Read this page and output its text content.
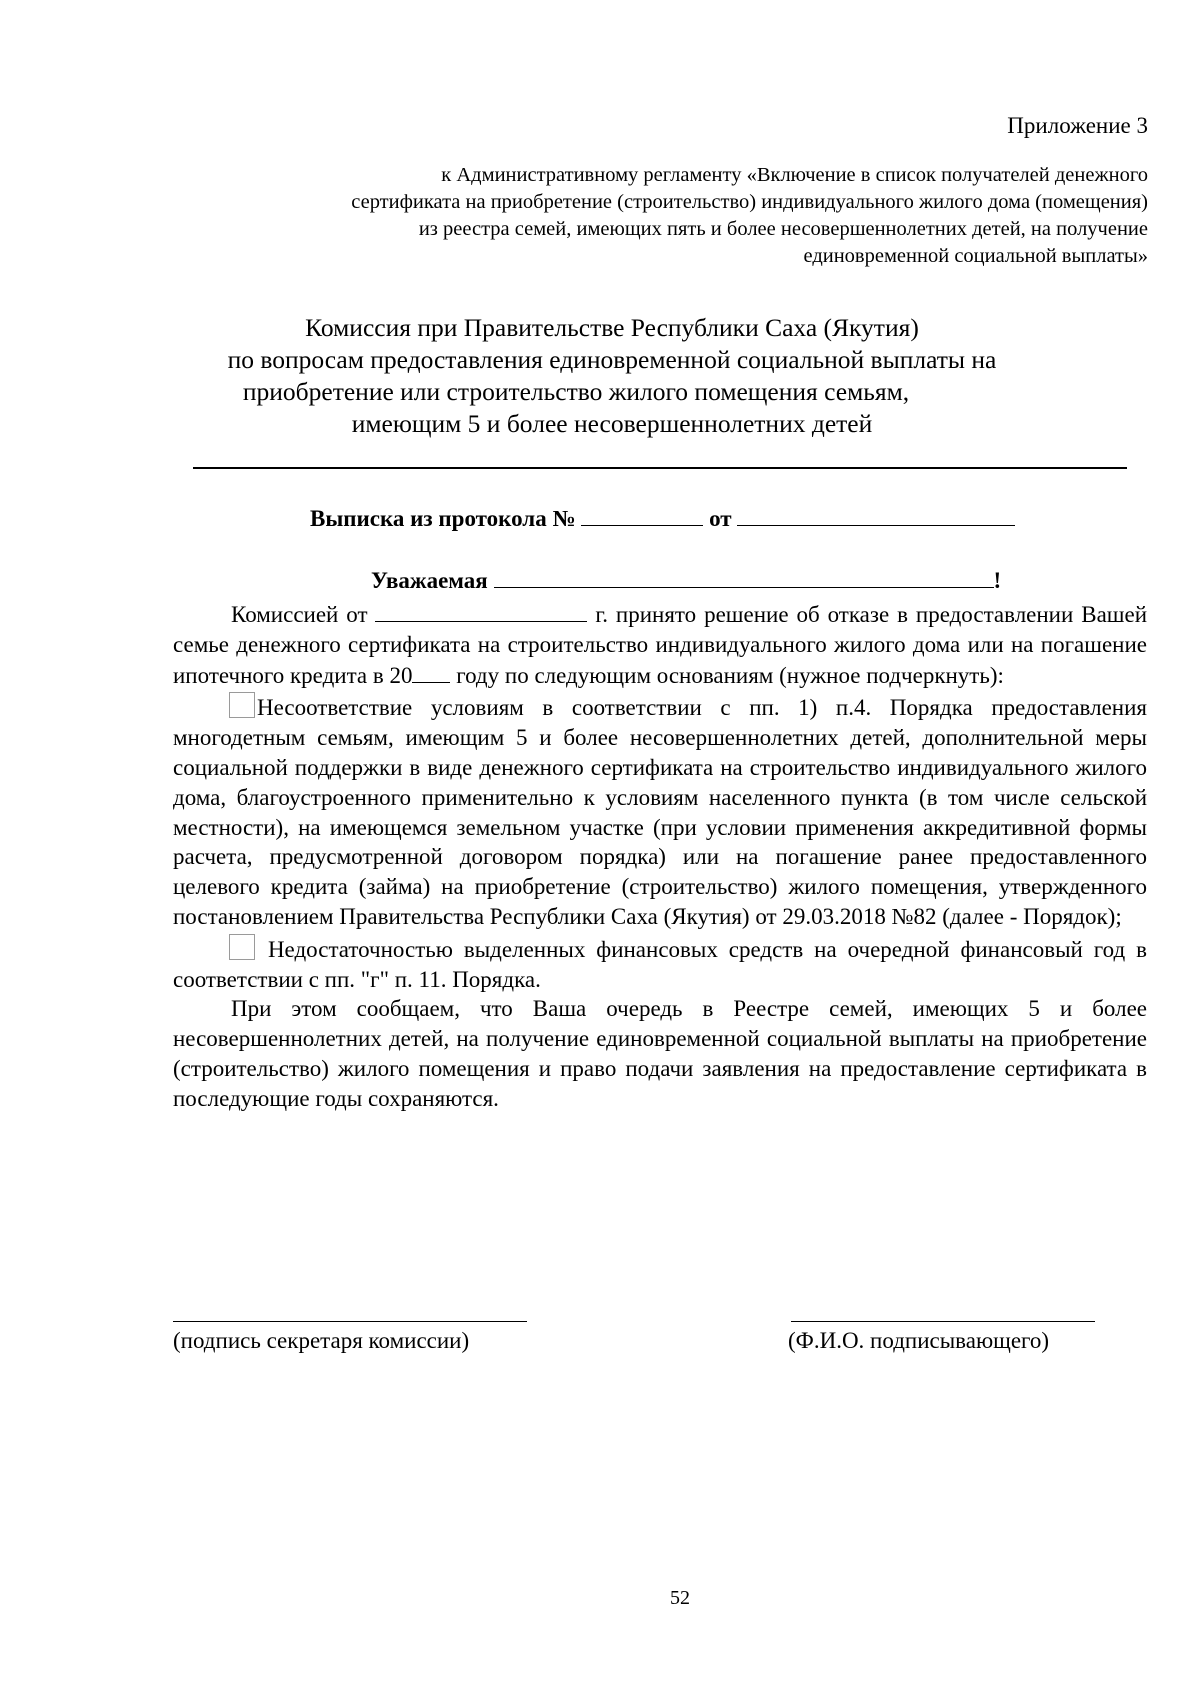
Приложение 3
к Административному регламенту «Включение в список получателей денежного
сертификата на приобретение (строительство) индивидуального жилого дома (помещения)
из реестра семей, имеющих пять и более несовершеннолетних детей, на получение
единовременной социальной выплаты»
Комиссия при Правительстве Республики Саха (Якутия)
по вопросам предоставления единовременной социальной выплаты на
приобретение или строительство жилого помещения семьям,
имеющим 5 и более несовершеннолетних детей
Выписка из протокола №	от
Уважаемая	!

Комиссией от	г. принято решение об отказе в предоставлении Вашей семье денежного сертификата на строительство индивидуального жилого дома или на погашение ипотечного кредита в 20 году по следующим основаниям (нужное подчеркнуть):

Несоответствие условиям в соответствии с пп. 1) п.4. Порядка предоставления многодетным семьям, имеющим 5 и более несовершеннолетних детей, дополнительной меры социальной поддержки в виде денежного сертификата на строительство индивидуального жилого дома, благоустроенного применительно к условиям населенного пункта (в том числе сельской местности), на имеющемся земельном участке (при условии применения аккредитивной формы расчета, предусмотренной договором порядка) или на погашение ранее предоставленного целевого кредита (займа) на приобретение (строительство) жилого помещения, утвержденного постановлением Правительства Республики Саха (Якутия) от 29.03.2018 №82 (далее - Порядок);

Недостаточностью выделенных финансовых средств на очередной финансовый год в соответствии с пп. "г" п. 11. Порядка.

При этом сообщаем, что Ваша очередь в Реестре семей, имеющих 5 и более несовершеннолетних детей, на получение единовременной социальной выплаты на приобретение (строительство) жилого помещения и право подачи заявления на предоставление сертификата в последующие годы сохраняются.

(подпись секретаря комиссии)	(Ф.И.О. подписывающего)
52
